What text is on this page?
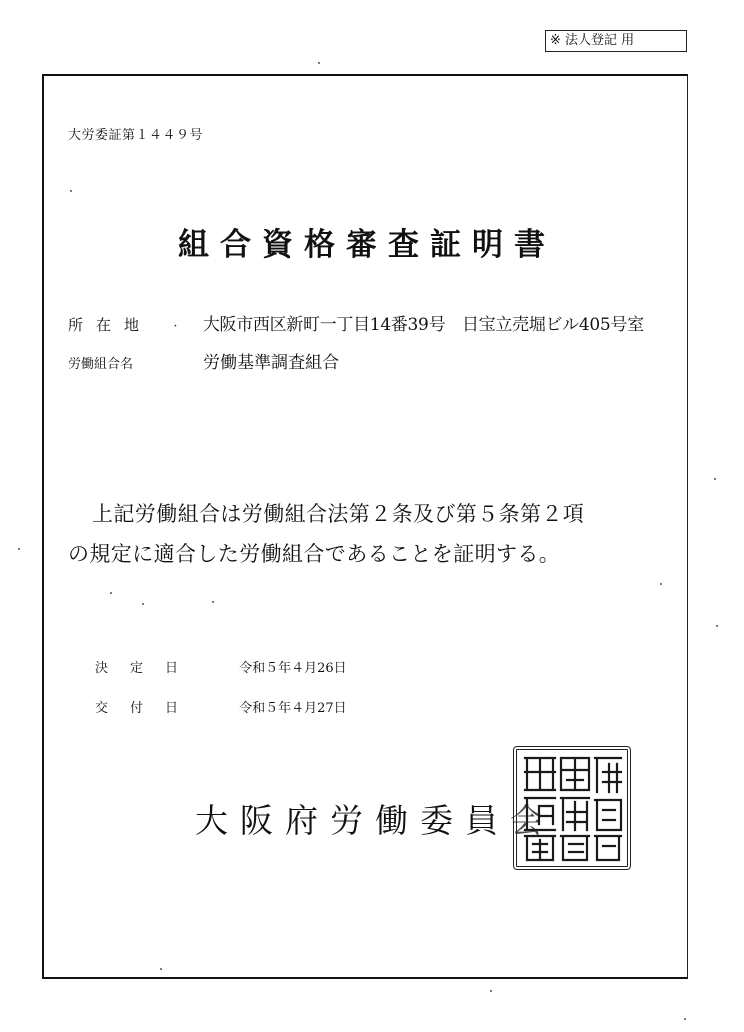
※ 法人登記 用
大労委証第１４４９号
組合資格審査証明書
所在地 · 大阪市西区新町一丁目14番39号　日宝立売堀ビル405号室
労働組合名	労働基準調査組合
上記労働組合は労働組合法第２条及び第５条第２項
の規定に適合した労働組合であることを証明する。
決定日	令和５年４月26日
交付日	令和５年４月27日
大阪府労働委員会
